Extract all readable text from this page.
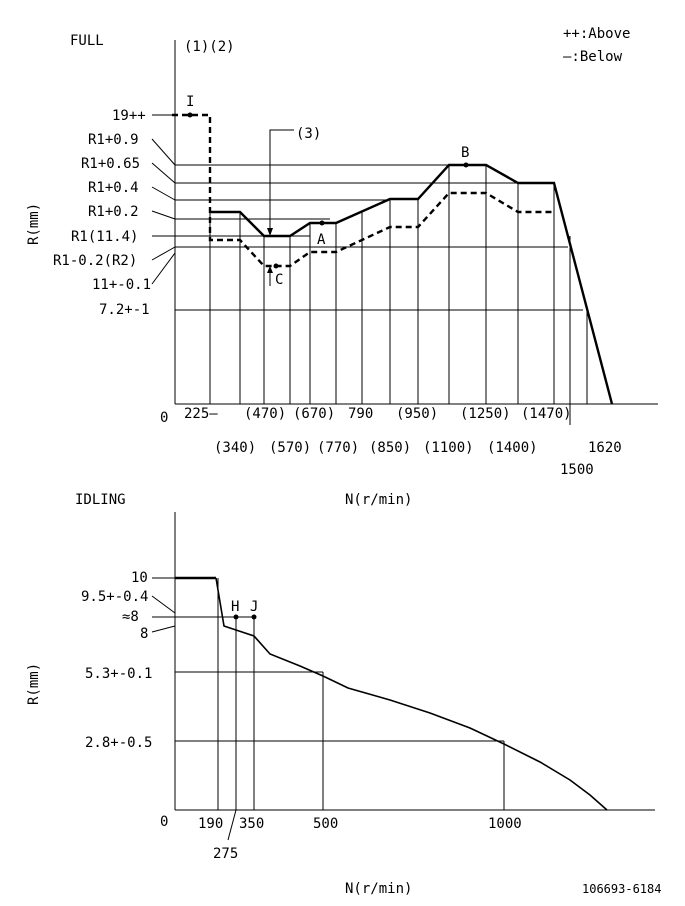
FULL	++:Above
—:Below
(1)(2)
(3)
0
R(mm)
N(r/min)
19++
R1+0.9
R1+0.65
R1+0.4
R1+0.2
R1(11.4)
R1-0.2(R2)
11+-0.1
7.2+-1
I
A
B
C
225— (470) (670) 790 (950) (1250) (1470)
(340) (570) (770) (850) (1100) (1400)	1620
1500
IDLING
0
R(mm)
N(r/min)
10
9.5+-0.4
≈8
8
5.3+-0.1
2.8+-0.5
H J
190 350	500	1000
275
106693-6184
